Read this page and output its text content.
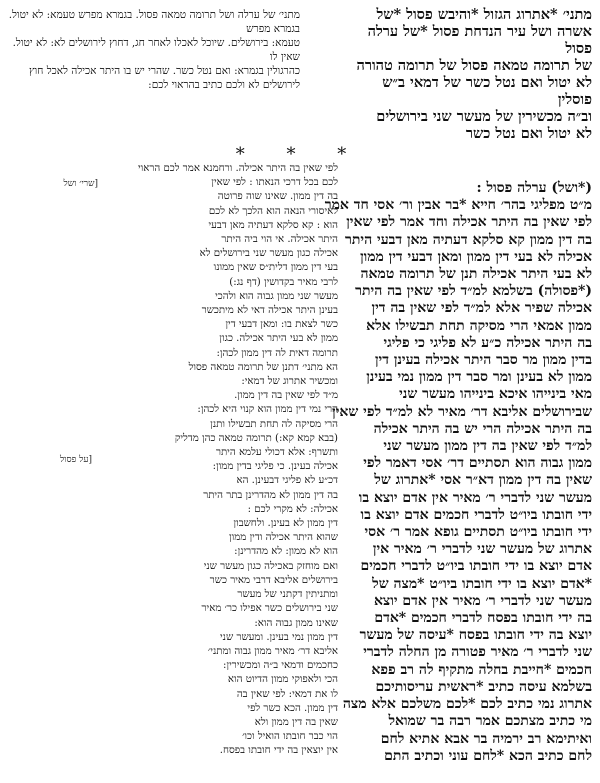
מתני׳ *אתרוג הגזול *והיבש פסול *של
אשרה ושל עיר הנדחת פסול *של ערלה פסול
של תרומה טמאה פסול של תרומה טהורה
לא יטול ואם נטל כשר של דמאי ב״ש פוסלין
וב״ה מכשירין של מעשר שני בירושלים
לא יטול ואם נטל כשר
מתני׳ של ערלה ושל תרומה טמאה פסול. בגמרא מפרש טעמא: לא יטול. בגמרא מפרש
טעמא: בירושלים. שיוכל לאכלו לאחר חג, דחוץ לירושלים לא: לא יטול. שאין לו
כהרגולין בגמרא: ואם נטל כשר. שהרי יש בו היתר אכילה לאכל חוץ
לירושלים לא ולכם כתיב בהראוי לכם:
* * *
[שרי׳ ושל
[על פסול
(*ושל) ערלה פסול :
מ״ט מפליגי בהר׳ חייא *בר אבין ור׳ אסי חד אמר
לפי שאין בה היתר אכילה וחד אמר לפי שאין
בה דין ממון קא סלקא דעתיה מאן דבעי היתר
אכילה לא בעי דין ממון ומאן דבעי דין ממון
לא בעי היתר אכילה תנן של תרומה טמאה
(*פסולה) בשלמא למ״ד לפי שאין בה היתר
אכילה שפיר אלא למ״ד לפי שאין בה דין
ממון אמאי הרי מסיקה תחת תבשילו אלא
בה היתר אכילה כ״ע לא פליגי כי פליגי
בדין ממון מר סבר היתר אכילה בעינן דין
ממון לא בעינן ומר סבר דין ממון נמי בעינן
מאי בינייהו איכא בינייהו מעשר שני
שבירושלים אליבא דר׳ מאיר לא למ״ד לפי שאין
בה היתר אכילה הרי יש בה היתר אכילה
למ״ד לפי שאין בה דין ממון מעשר שני
ממון גבוה הוא תסתיים דר׳ אסי דאמר לפי
שאין בה דין ממון דא״ר אסי *אתרוג של
מעשר שני לדברי ר׳ מאיר אין אדם יוצא בו
ידי חובתו ביו״ט לדברי חכמים אדם יוצא בו
ידי חובתו ביו״ט תסתיים גופא אמר ר׳ אסי
אתרוג של מעשר שני לדברי ר׳ מאיר אין
אדם יוצא בו ידי חובתו ביו״ט לדברי חכמים
*אדם יוצא בו ידי חובתו ביו״ט *מצה של
מעשר שני לדברי ר׳ מאיר אין אדם יוצא
בה ידי חובתו בפסח לדברי חכמים *אדם
יוצא בה ידי חובתו בפסח *עיסה של מעשר
שני לדברי ר׳ מאיר פטורה מן החלה לדברי
חכמים *חייבת בחלה מתקיף לה רב פפא
בשלמא עיסה כתיב *ראשית עריסותיכם
אתרוג נמי כתיב לכם *לכם משלכם אלא מצה
מי כתיב מצתכם אמר רבה בר שמואל
ואיתימא רב ירמיה בר אבא אתיא לחם
לחם כתיב הכא *לחם עוני וכתיב התם
לפי שאין בה היתר אכילה. ורחמנא אמר לכם הראוי
לכם בכל דרכי הנאתו : לפי שאין
בה דין ממון. שאינו שוה פרוטה
לאיסורי הנאה הוא הלכך לא לכם
הוא : קא סלקא דעתיה מאן דבעי
היתר אכילה. אי הוי ביה היתר
אכילה כגון מעשר שני בירושלים לא
בעי דין ממון דלית״ס שאין ממונו
לרבי מאיר בקדושין (דף נג:)
מעשר שני ממון גבוה הוא ולהכי
בעינן היתר אכילה דאי לא מיתכשר
כשר לצאת בו: ומאן דבעי דין
ממון לא בעי היתר אכילה. כגון
תרומה דאית לה דין ממון לכהן:
הא מתני׳ דתנן של תרומה טמאה פסול
ומכשיר אתרוג של דמאי:
מ״ד לפי שאין בה דין ממון.
הרי נמי דין ממון הוא קנוי היא לכהן:
הרי מסיקה לה תחת תבשילו ותנן
(בבא קמא קא:) תרומה טמאה כהן מדליק
ותשרף: אלא דכולי עלמא היתר
אכילה בעינן. כי פליגי בדין ממון:
דכ״ע לא פליגי דבעינן. הא
בה דין ממון לא מהדרינן בתר היתר
אכילה: לא מקרי לכם :
דין ממון לא בעינן. ולחשבון
שהוא היתר אכילה ודין ממון
הוא לא ממון: לא מהדרינן:
ואם מוחזק באכילה כגון מעשר שני
בירושלים אליבא דרבי מאיר כשר
ומתניתין דקתני של מעשר
שני בירושלים כשר אפילו כר׳ מאיר
שאינו ממון גבוה הוא:
דין ממון נמי בעינן. ומעשר שני
אליבא דר׳ מאיר ממון גבוה ומתני׳
כחכמים ודמאי ב״ה ומכשירין:
הכי ולאפוקי ממון הדיוט הוא
לו את דמאי: לפי שאין בה
דין ממון. הכא כשר לפי
שאין בה דין ממון ולא
הוי כבר חובתו הואיל וכו׳
אין יוצאין בה ידי חובתו בפסח.
